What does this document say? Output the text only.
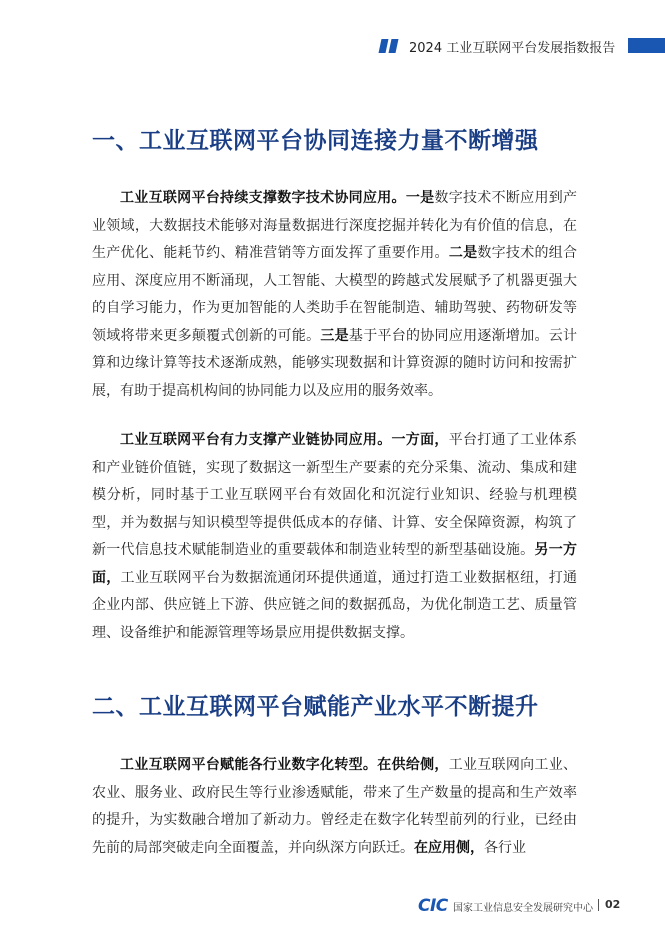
2024 工业互联网平台发展指数报告
一、工业互联网平台协同连接力量不断增强

工业互联网平台持续支撑数字技术协同应用。一是数字技术不断应用到产业领域，大数据技术能够对海量数据进行深度挖掘并转化为有价值的信息，在生产优化、能耗节约、精准营销等方面发挥了重要作用。二是数字技术的组合应用、深度应用不断涌现，人工智能、大模型的跨越式发展赋予了机器更强大的自学习能力，作为更加智能的人类助手在智能制造、辅助驾驶、药物研发等领域将带来更多颠覆式创新的可能。三是基于平台的协同应用逐渐增加。云计算和边缘计算等技术逐渐成熟，能够实现数据和计算资源的随时访问和按需扩展，有助于提高机构间的协同能力以及应用的服务效率。

工业互联网平台有力支撑产业链协同应用。一方面，平台打通了工业体系和产业链价值链，实现了数据这一新型生产要素的充分采集、流动、集成和建模分析，同时基于工业互联网平台有效固化和沉淀行业知识、经验与机理模型，并为数据与知识模型等提供低成本的存储、计算、安全保障资源，构筑了新一代信息技术赋能制造业的重要载体和制造业转型的新型基础设施。另一方面，工业互联网平台为数据流通闭环提供通道，通过打造工业数据枢纽，打通企业内部、供应链上下游、供应链之间的数据孤岛，为优化制造工艺、质量管理、设备维护和能源管理等场景应用提供数据支撑。

二、工业互联网平台赋能产业水平不断提升

工业互联网平台赋能各行业数字化转型。在供给侧，工业互联网向工业、农业、服务业、政府民生等行业渗透赋能，带来了生产数量的提高和生产效率的提升，为实数融合增加了新动力。曾经走在数字化转型前列的行业，已经由先前的局部突破走向全面覆盖，并向纵深方向跃迁。在应用侧，各行业

CIC 国家工业信息安全发展研究中心 02
